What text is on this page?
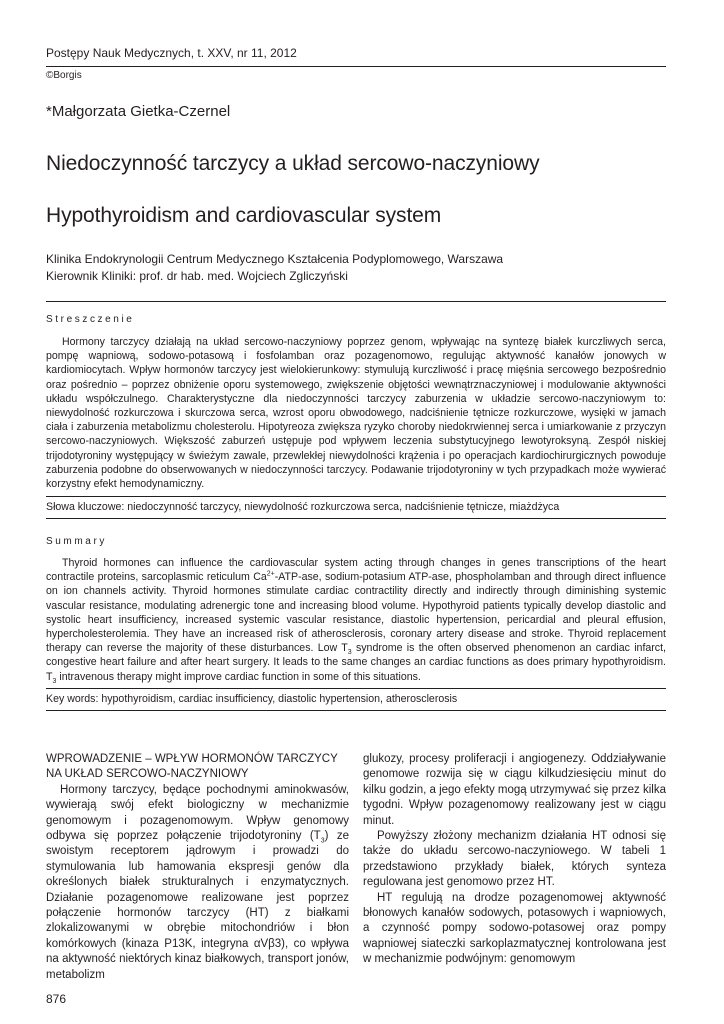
Postępy Nauk Medycznych, t. XXV, nr 11, 2012
©Borgis
*Małgorzata Gietka-Czernel
Niedoczynność tarczycy a układ sercowo-naczyniowy
Hypothyroidism and cardiovascular system
Klinika Endokrynologii Centrum Medycznego Kształcenia Podyplomowego, Warszawa
Kierownik Kliniki: prof. dr hab. med. Wojciech Zgliczyński
Streszczenie

Hormony tarczycy działają na układ sercowo-naczyniowy poprzez genom, wpływając na syntezę białek kurczliwych serca, pompę wapniową, sodowo-potasową i fosfolamban oraz pozagenomowo, regulując aktywność kanałów jonowych w kardiomiocytach. Wpływ hormonów tarczycy jest wielokierunkowy: stymulują kurczliwość i pracę mięśnia sercowego bezpośrednio oraz pośrednio – poprzez obniżenie oporu systemowego, zwiększenie objętości wewnątrznaczyniowej i modulowanie aktywności układu współczulnego. Charakterystyczne dla niedoczynności tarczycy zaburzenia w układzie sercowo-naczyniowym to: niewydolność rozkurczowa i skurczowa serca, wzrost oporu obwodowego, nadciśnienie tętnicze rozkurczowe, wysięki w jamach ciała i zaburzenia metabolizmu cholesterolu. Hipotyreoza zwiększa ryzyko choroby niedokrwiennej serca i umiarkowanie z przyczyn sercowo-naczyniowych. Większość zaburzeń ustępuje pod wpływem leczenia substytucyjnego lewotyroksyną. Zespół niskiej trijodotyroniny występujący w świeżym zawale, przewlekłej niewydolności krążenia i po operacjach kardiochirurgicznych powoduje zaburzenia podobne do obserwowanych w niedoczynności tarczycy. Podawanie trijodotyroniny w tych przypadkach może wywierać korzystny efekt hemodynamiczny.

Słowa kluczowe: niedoczynność tarczycy, niewydolność rozkurczowa serca, nadciśnienie tętnicze, miażdżyca
Summary

Thyroid hormones can influence the cardiovascular system acting through changes in genes transcriptions of the heart contractile proteins, sarcoplasmic reticulum $Ca^{2+}-ATP$-ase, sodium-potasium ATP-ase, phospholamban and through direct influence on ion channels activity. Thyroid hormones stimulate cardiac contractility directly and indirectly through diminishing systemic vascular resistance, modulating adrenergic tone and increasing blood volume. Hypothyroid patients typically develop diastolic and systolic heart insufficiency, increased systemic vascular resistance, diastolic hypertension, pericardial and pleural effusion, hypercholesterolemia. They have an increased risk of atherosclerosis, coronary artery disease and stroke. Thyroid replacement therapy can reverse the majority of these disturbances. Low $T_3$ syndrome is the often observed phenomenon an cardiac infarct, congestive heart failure and after heart surgery. It leads to the same changes an cardiac functions as does primary hypothyroidism. $T_3$ intravenous therapy might improve cardiac function in some of this situations.

Key words: hypothyroidism, cardiac insufficiency, diastolic hypertension, atherosclerosis
WPROWADZENIE – WPŁYW HORMONÓW TARCZYCY NA UKŁAD SERCOWO-NACZYNIOWY

Hormony tarczycy, będące pochodnymi aminokwasów, wywierają swój efekt biologiczny w mechanizmie genomowym i pozagenomowym. Wpływ genomowy odbywa się poprzez połączenie trijodotyroniny $(T_3)$ ze swoistym receptorem jądrowym i prowadzi do stymulowania lub hamowania ekspresji genów dla określonych białek strukturalnych i enzymatycznych. Działanie pozagenomowe realizowane jest poprzez połączenie hormonów tarczycy (HT) z białkami zlokalizowanymi w obrębie mitochondriów i błon komórkowych (kinaza P13K, integryna αVβ3), co wpływa na aktywność niektórych kinaz białkowych, transport jonów, metabolizm

glukozy, procesy proliferacji i angiogenezy. Oddziaływanie genomowe rozwija się w ciągu kilkudziesięciu minut do kilku godzin, a jego efekty mogą utrzymywać się przez kilka tygodni. Wpływ pozagenomowy realizowany jest w ciągu minut.

Powyższy złożony mechanizm działania HT odnosi się także do układu sercowo-naczyniowego. W tabeli 1 przedstawiono przykłady białek, których synteza regulowana jest genomowo przez HT.

HT regulują na drodze pozagenomowej aktywność błonowych kanałów sodowych, potasowych i wapniowych, a czynność pompy sodowo-potasowej oraz pompy wapniowej siateczki sarkoplazmatycznej kontrolowana jest w mechanizmie podwójnym: genomowym

876
